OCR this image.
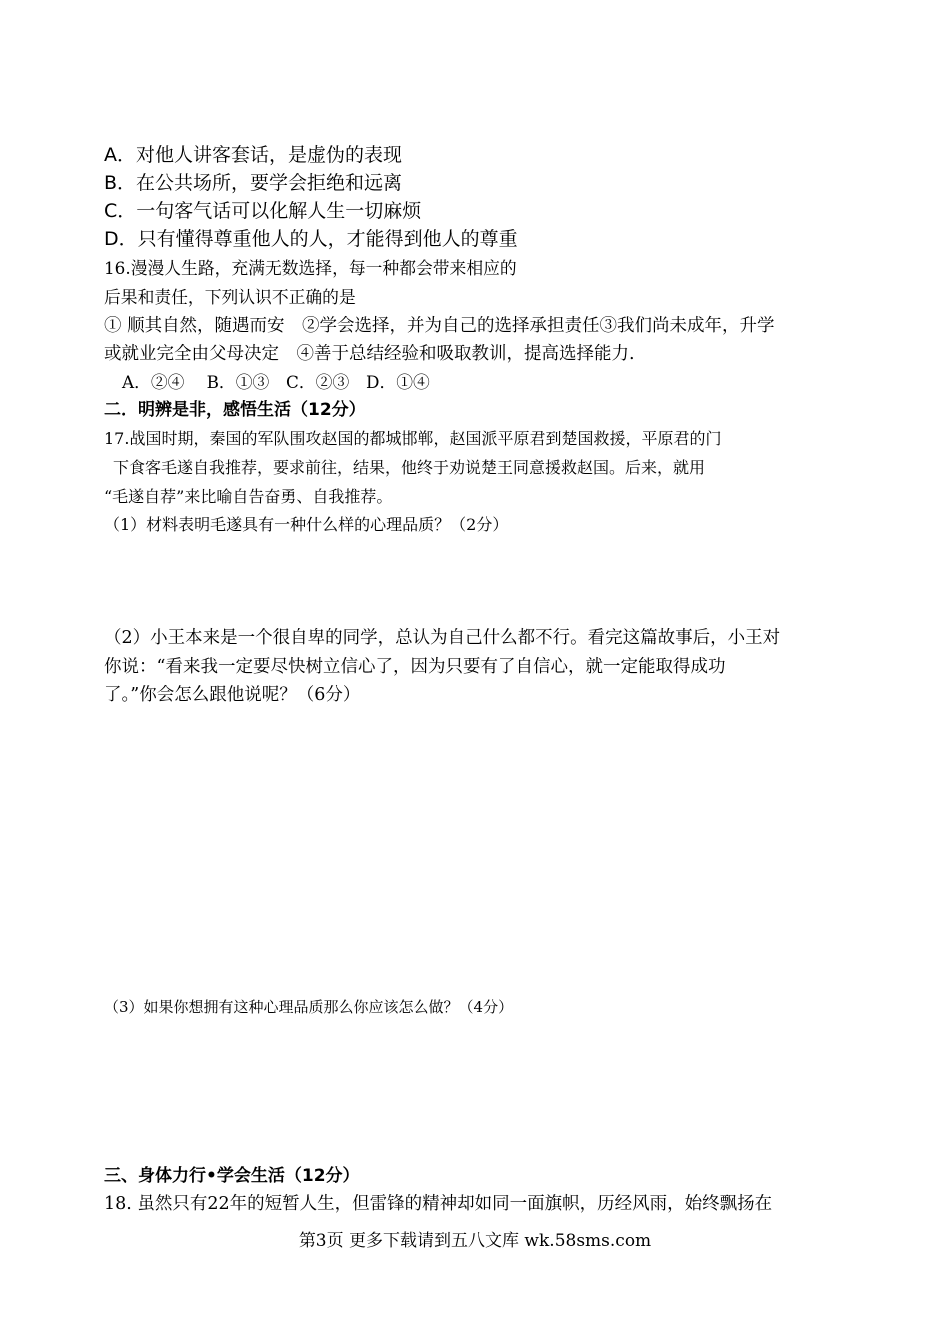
A．对他人讲客套话，是虚伪的表现
B．在公共场所，要学会拒绝和远离
C．一句客气话可以化解人生一切麻烦
D．只有懂得尊重他人的人，才能得到他人的尊重
16.漫漫人生路，充满无数选择，每一种都会带来相应的
后果和责任，下列认识不正确的是
① 顺其自然，随遇而安　②学会选择，并为自己的选择承担责任③我们尚未成年，升学
或就业完全由父母决定　④善于总结经验和吸取教训，提高选择能力.
A．②④　 B．①③　C．②③　D．①④
二．明辨是非，感悟生活（12分）
17.战国时期，秦国的军队围攻赵国的都城邯郸，赵国派平原君到楚国救援，平原君的门
下食客毛遂自我推荐，要求前往，结果，他终于劝说楚王同意援救赵国。后来，就用
“毛遂自荐”来比喻自告奋勇、自我推荐。
（1）材料表明毛遂具有一种什么样的心理品质？（2分）
（2）小王本来是一个很自卑的同学，总认为自己什么都不行。看完这篇故事后，小王对
你说：“看来我一定要尽快树立信心了，因为只要有了自信心，就一定能取得成功
了。”你会怎么跟他说呢？（6分）
（3）如果你想拥有这种心理品质那么你应该怎么做？（4分）
三、身体力行•学会生活（12分）
18. 虽然只有22年的短暂人生，但雷锋的精神却如同一面旗帜，历经风雨，始终飘扬在
第3页 更多下载请到五八文库 wk.58sms.com
